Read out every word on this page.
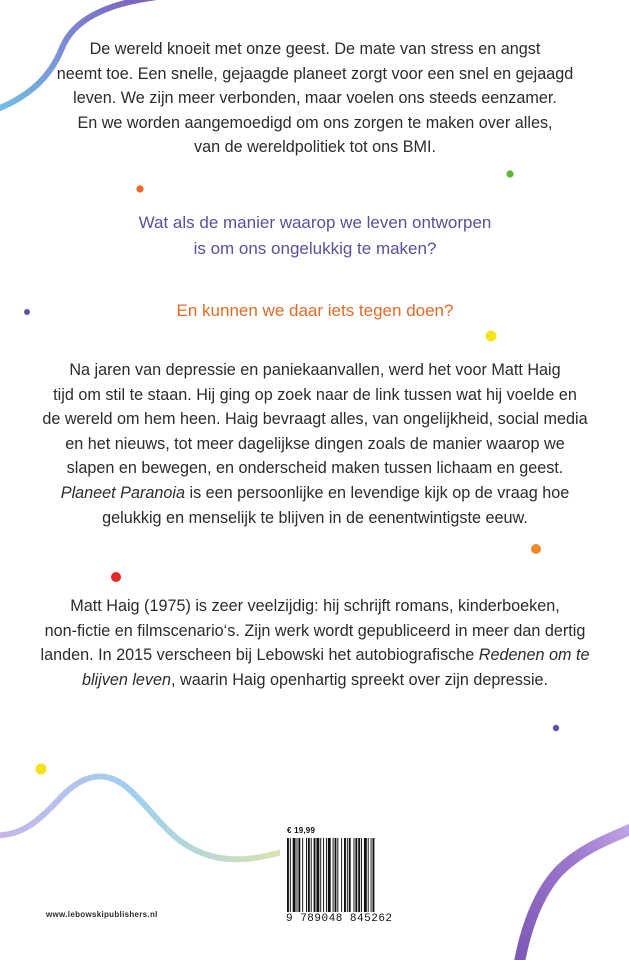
De wereld knoeit met onze geest. De mate van stress en angst
neemt toe. Een snelle, gejaagde planeet zorgt voor een snel en gejaagd
leven. We zijn meer verbonden, maar voelen ons steeds eenzamer.
En we worden aangemoedigd om ons zorgen te maken over alles,
van de wereldpolitiek tot ons BMI.

Wat als de manier waarop we leven ontworpen
is om ons ongelukkig te maken?

En kunnen we daar iets tegen doen?

Na jaren van depressie en paniekaanvallen, werd het voor Matt Haig
tijd om stil te staan. Hij ging op zoek naar de link tussen wat hij voelde en
de wereld om hem heen. Haig bevraagt alles, van ongelijkheid, social media
en het nieuws, tot meer dagelijkse dingen zoals de manier waarop we
slapen en bewegen, en onderscheid maken tussen lichaam en geest.
Planeet Paranoia is een persoonlijke en levendige kijk op de vraag hoe
gelukkig en menselijk te blijven in de eenentwintigste eeuw.

Matt Haig (1975) is zeer veelzijdig: hij schrijft romans, kinderboeken,
non-fictie en filmscenario‘s. Zijn werk wordt gepubliceerd in meer dan dertig
landen. In 2015 verscheen bij Lebowski het autobiografische Redenen om te
blijven leven, waarin Haig openhartig spreekt over zijn depressie.

www.lebowskipublishers.nl
€ 19,99
9 789048 845262
